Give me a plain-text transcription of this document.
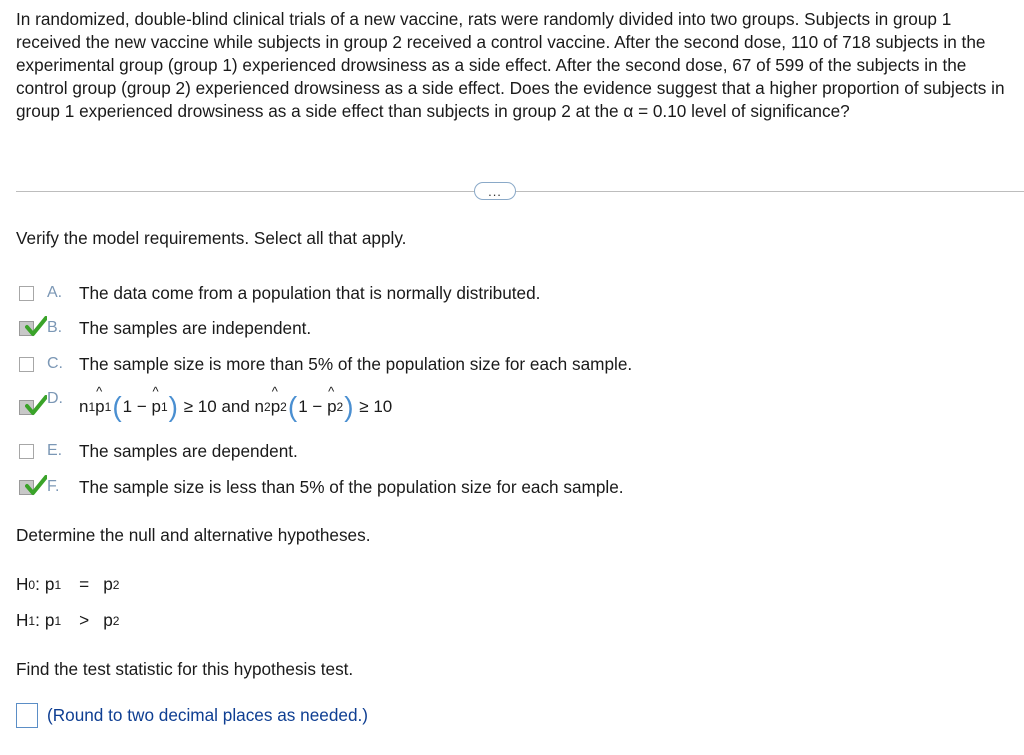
In randomized, double-blind clinical trials of a new vaccine, rats were randomly divided into two groups. Subjects in group 1 received the new vaccine while subjects in group 2 received a control vaccine. After the second dose, 110 of 718 subjects in the experimental group (group 1) experienced drowsiness as a side effect. After the second dose, 67 of 599 of the subjects in the control group (group 2) experienced drowsiness as a side effect. Does the evidence suggest that a higher proportion of subjects in group 1 experienced drowsiness as a side effect than subjects in group 2 at the α = 0.10 level of significance?
...
Verify the model requirements. Select all that apply.
A. The data come from a population that is normally distributed.
B. The samples are independent.
C. The sample size is more than 5% of the population size for each sample.
D. n 1 ^ p 1 ( 1
−
^ p 1 )
≥ 10
and
n 2 ^ p 2 ( 1
−
^ p 2 )
≥ 10
E. The samples are dependent.
F. The sample size is less than 5% of the population size for each sample.
Determine the null and alternative hypotheses.
H 0 : p 1 = p 2
H 1 : p 1 > p 2
Find the test statistic for this hypothesis test.
(Round to two decimal places as needed.)
